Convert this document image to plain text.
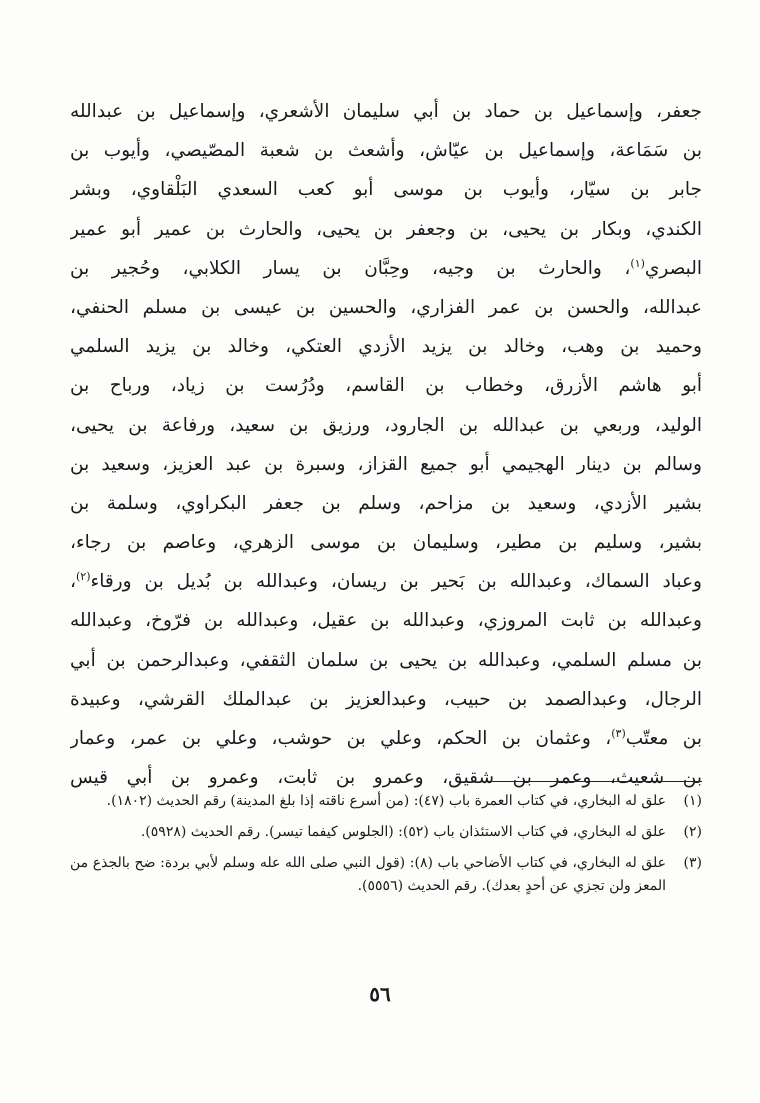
جعفر، وإسماعيل بن حماد بن أبي سليمان الأشعري، وإسماعيل بن عبدالله
بن سَمَاعة، وإسماعيل بن عيّاش، وأشعث بن شعبة المصّيصي، وأيوب بن
جابر بن سيّار، وأيوب بن موسى أبو كعب السعدي البَلْقاوي، وبشر
الكندي، وبكار بن يحيى، بن وجعفر بن يحيى، والحارث بن عمير أبو عمير
البصري$^{(١)}$، والحارث بن وجيه، وحِبَّان بن يسار الكلابي، وحُجير بن
عبدالله، والحسن بن عمر الفزاري، والحسين بن عيسى بن مسلم الحنفي،
وحميد بن وهب، وخالد بن يزيد الأزدي العتكي، وخالد بن يزيد السلمي
أبو هاشم الأزرق، وخطاب بن القاسم، ودُرُست بن زياد، ورباح بن
الوليد، وربعي بن عبدالله بن الجارود، ورزيق بن سعيد، ورفاعة بن يحيى،
وسالم بن دينار الهجيمي أبو جميع القزاز، وسبرة بن عبد العزيز، وسعيد بن
بشير الأزدي، وسعيد بن مزاحم، وسلم بن جعفر البكراوي، وسلمة بن
بشير، وسليم بن مطير، وسليمان بن موسى الزهري، وعاصم بن رجاء،
وعباد السماك، وعبدالله بن بَحير بن ريسان، وعبدالله بن بُديل بن ورقاء$^{(٢)}$،
وعبدالله بن ثابت المروزي، وعبدالله بن عقيل، وعبدالله بن فرّوخ، وعبدالله
بن مسلم السلمي، وعبدالله بن يحيى بن سلمان الثقفي، وعبدالرحمن بن أبي
الرجال، وعبدالصمد بن حبيب، وعبدالعزيز بن عبدالملك القرشي، وعبيدة
بن معتّب$^{(٣)}$، وعثمان بن الحكم، وعلي بن حوشب، وعلي بن عمر، وعمار
بن شعيث، وعمر بن شقيق، وعمرو بن ثابت، وعمرو بن أبي قيس
(١)
علق له البخاري، في كتاب العمرة باب (٤٧): (من أسرع ناقته إذا بلغ المدينة) رقم الحديث (١٨٠٢).
(٢)
علق له البخاري، في كتاب الاستئذان باب (٥٢): (الجلوس كيفما تيسر). رقم الحديث (٥٩٢٨).
(٣)
علق له البخاري، في كتاب الأضاحي باب (٨): (قول النبي صلى الله عله وسلم لأبي بردة: ضح بالجذع من المعز ولن تجزي عن أحدٍ بعدك). رقم الحديث (٥٥٥٦).
٥٦
